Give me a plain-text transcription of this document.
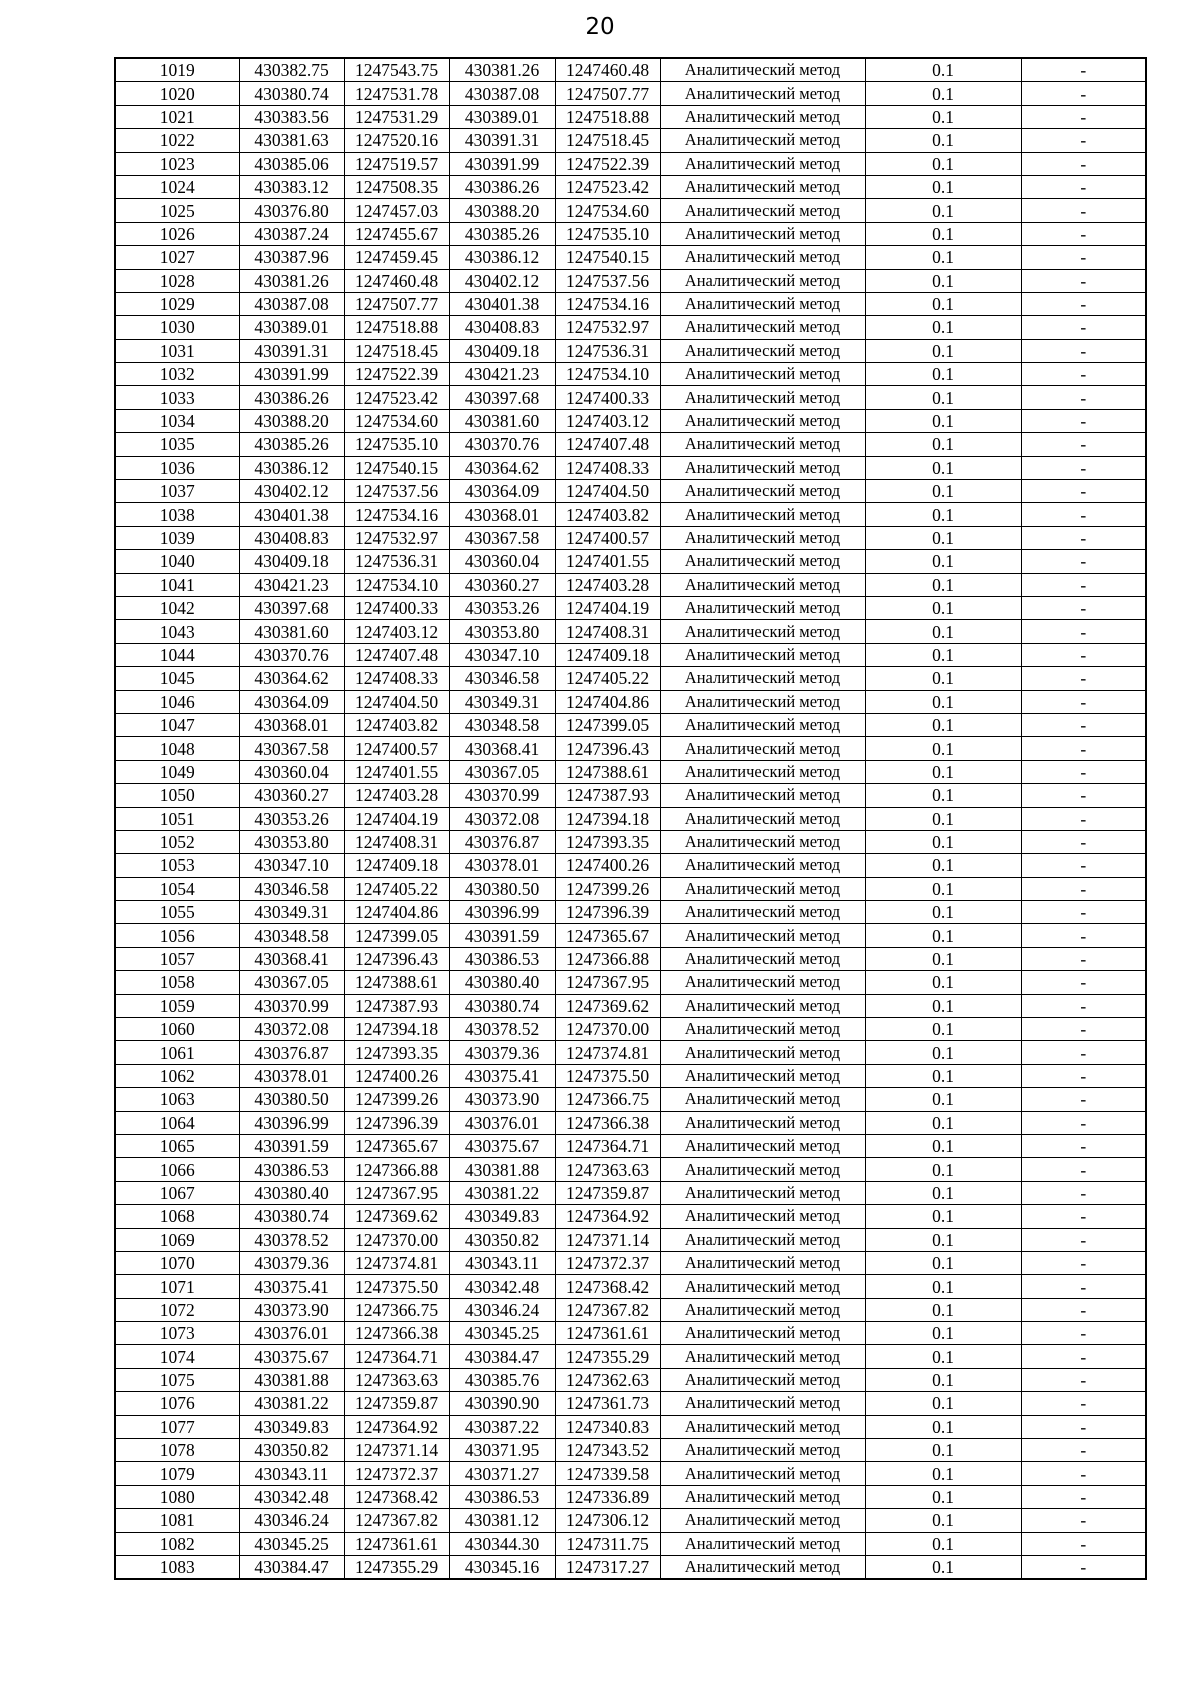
20
1019	430382.75	1247543.75	430381.26	1247460.48	Аналитический метод	0.1	-
1020	430380.74	1247531.78	430387.08	1247507.77	Аналитический метод	0.1	-
1021	430383.56	1247531.29	430389.01	1247518.88	Аналитический метод	0.1	-
1022	430381.63	1247520.16	430391.31	1247518.45	Аналитический метод	0.1	-
1023	430385.06	1247519.57	430391.99	1247522.39	Аналитический метод	0.1	-
1024	430383.12	1247508.35	430386.26	1247523.42	Аналитический метод	0.1	-
1025	430376.80	1247457.03	430388.20	1247534.60	Аналитический метод	0.1	-
1026	430387.24	1247455.67	430385.26	1247535.10	Аналитический метод	0.1	-
1027	430387.96	1247459.45	430386.12	1247540.15	Аналитический метод	0.1	-
1028	430381.26	1247460.48	430402.12	1247537.56	Аналитический метод	0.1	-
1029	430387.08	1247507.77	430401.38	1247534.16	Аналитический метод	0.1	-
1030	430389.01	1247518.88	430408.83	1247532.97	Аналитический метод	0.1	-
1031	430391.31	1247518.45	430409.18	1247536.31	Аналитический метод	0.1	-
1032	430391.99	1247522.39	430421.23	1247534.10	Аналитический метод	0.1	-
1033	430386.26	1247523.42	430397.68	1247400.33	Аналитический метод	0.1	-
1034	430388.20	1247534.60	430381.60	1247403.12	Аналитический метод	0.1	-
1035	430385.26	1247535.10	430370.76	1247407.48	Аналитический метод	0.1	-
1036	430386.12	1247540.15	430364.62	1247408.33	Аналитический метод	0.1	-
1037	430402.12	1247537.56	430364.09	1247404.50	Аналитический метод	0.1	-
1038	430401.38	1247534.16	430368.01	1247403.82	Аналитический метод	0.1	-
1039	430408.83	1247532.97	430367.58	1247400.57	Аналитический метод	0.1	-
1040	430409.18	1247536.31	430360.04	1247401.55	Аналитический метод	0.1	-
1041	430421.23	1247534.10	430360.27	1247403.28	Аналитический метод	0.1	-
1042	430397.68	1247400.33	430353.26	1247404.19	Аналитический метод	0.1	-
1043	430381.60	1247403.12	430353.80	1247408.31	Аналитический метод	0.1	-
1044	430370.76	1247407.48	430347.10	1247409.18	Аналитический метод	0.1	-
1045	430364.62	1247408.33	430346.58	1247405.22	Аналитический метод	0.1	-
1046	430364.09	1247404.50	430349.31	1247404.86	Аналитический метод	0.1	-
1047	430368.01	1247403.82	430348.58	1247399.05	Аналитический метод	0.1	-
1048	430367.58	1247400.57	430368.41	1247396.43	Аналитический метод	0.1	-
1049	430360.04	1247401.55	430367.05	1247388.61	Аналитический метод	0.1	-
1050	430360.27	1247403.28	430370.99	1247387.93	Аналитический метод	0.1	-
1051	430353.26	1247404.19	430372.08	1247394.18	Аналитический метод	0.1	-
1052	430353.80	1247408.31	430376.87	1247393.35	Аналитический метод	0.1	-
1053	430347.10	1247409.18	430378.01	1247400.26	Аналитический метод	0.1	-
1054	430346.58	1247405.22	430380.50	1247399.26	Аналитический метод	0.1	-
1055	430349.31	1247404.86	430396.99	1247396.39	Аналитический метод	0.1	-
1056	430348.58	1247399.05	430391.59	1247365.67	Аналитический метод	0.1	-
1057	430368.41	1247396.43	430386.53	1247366.88	Аналитический метод	0.1	-
1058	430367.05	1247388.61	430380.40	1247367.95	Аналитический метод	0.1	-
1059	430370.99	1247387.93	430380.74	1247369.62	Аналитический метод	0.1	-
1060	430372.08	1247394.18	430378.52	1247370.00	Аналитический метод	0.1	-
1061	430376.87	1247393.35	430379.36	1247374.81	Аналитический метод	0.1	-
1062	430378.01	1247400.26	430375.41	1247375.50	Аналитический метод	0.1	-
1063	430380.50	1247399.26	430373.90	1247366.75	Аналитический метод	0.1	-
1064	430396.99	1247396.39	430376.01	1247366.38	Аналитический метод	0.1	-
1065	430391.59	1247365.67	430375.67	1247364.71	Аналитический метод	0.1	-
1066	430386.53	1247366.88	430381.88	1247363.63	Аналитический метод	0.1	-
1067	430380.40	1247367.95	430381.22	1247359.87	Аналитический метод	0.1	-
1068	430380.74	1247369.62	430349.83	1247364.92	Аналитический метод	0.1	-
1069	430378.52	1247370.00	430350.82	1247371.14	Аналитический метод	0.1	-
1070	430379.36	1247374.81	430343.11	1247372.37	Аналитический метод	0.1	-
1071	430375.41	1247375.50	430342.48	1247368.42	Аналитический метод	0.1	-
1072	430373.90	1247366.75	430346.24	1247367.82	Аналитический метод	0.1	-
1073	430376.01	1247366.38	430345.25	1247361.61	Аналитический метод	0.1	-
1074	430375.67	1247364.71	430384.47	1247355.29	Аналитический метод	0.1	-
1075	430381.88	1247363.63	430385.76	1247362.63	Аналитический метод	0.1	-
1076	430381.22	1247359.87	430390.90	1247361.73	Аналитический метод	0.1	-
1077	430349.83	1247364.92	430387.22	1247340.83	Аналитический метод	0.1	-
1078	430350.82	1247371.14	430371.95	1247343.52	Аналитический метод	0.1	-
1079	430343.11	1247372.37	430371.27	1247339.58	Аналитический метод	0.1	-
1080	430342.48	1247368.42	430386.53	1247336.89	Аналитический метод	0.1	-
1081	430346.24	1247367.82	430381.12	1247306.12	Аналитический метод	0.1	-
1082	430345.25	1247361.61	430344.30	1247311.75	Аналитический метод	0.1	-
1083	430384.47	1247355.29	430345.16	1247317.27	Аналитический метод	0.1	-
